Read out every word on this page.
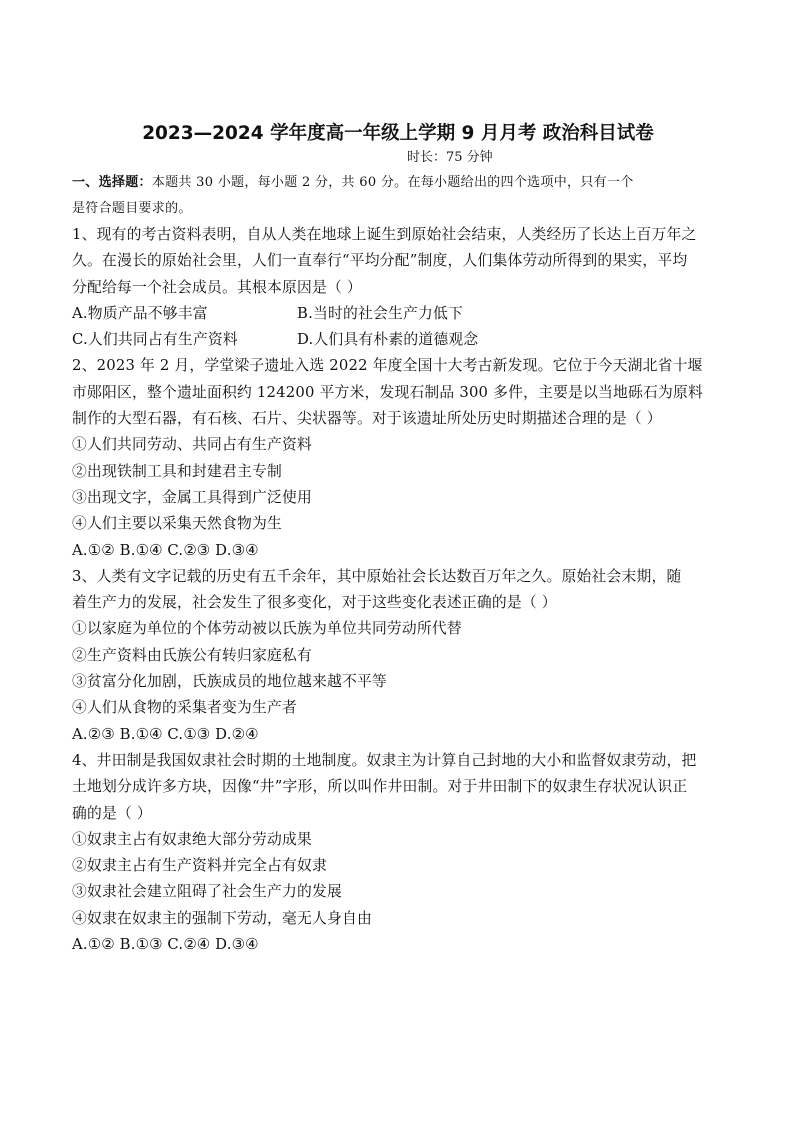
2023—2024 学年度高一年级上学期 9 月月考 政治科目试卷
时长：75 分钟
一、选择题：本题共 30 小题，每小题 2 分，共 60 分。在每小题给出的四个选项中，只有一个
是符合题目要求的。
1、现有的考古资料表明，自从人类在地球上诞生到原始社会结束，人类经历了长达上百万年之
久。在漫长的原始社会里，人们一直奉行“平均分配”制度，人们集体劳动所得到的果实，平均
分配给每一个社会成员。其根本原因是（ ）
A.物质产品不够丰富	B.当时的社会生产力低下
C.人们共同占有生产资料	D.人们具有朴素的道德观念
2、2023 年 2 月，学堂梁子遗址入选 2022 年度全国十大考古新发现。它位于今天湖北省十堰
市郧阳区，整个遗址面积约 124200 平方米，发现石制品 300 多件，主要是以当地砾石为原料
制作的大型石器，有石核、石片、尖状器等。对于该遗址所处历史时期描述合理的是（ ）
①人们共同劳动、共同占有生产资料
②出现铁制工具和封建君主专制
③出现文字，金属工具得到广泛使用
④人们主要以采集天然食物为生
A.①② B.①④ C.②③ D.③④
3、人类有文字记载的历史有五千余年，其中原始社会长达数百万年之久。原始社会末期，随
着生产力的发展，社会发生了很多变化，对于这些变化表述正确的是（ ）
①以家庭为单位的个体劳动被以氏族为单位共同劳动所代替
②生产资料由氏族公有转归家庭私有
③贫富分化加剧，氏族成员的地位越来越不平等
④人们从食物的采集者变为生产者
A.②③ B.①④ C.①③ D.②④
4、井田制是我国奴隶社会时期的土地制度。奴隶主为计算自己封地的大小和监督奴隶劳动，把
土地划分成许多方块，因像“井”字形，所以叫作井田制。对于井田制下的奴隶生存状况认识正
确的是（ ）
①奴隶主占有奴隶绝大部分劳动成果
②奴隶主占有生产资料并完全占有奴隶
③奴隶社会建立阻碍了社会生产力的发展
④奴隶在奴隶主的强制下劳动，毫无人身自由
A.①② B.①③ C.②④ D.③④
